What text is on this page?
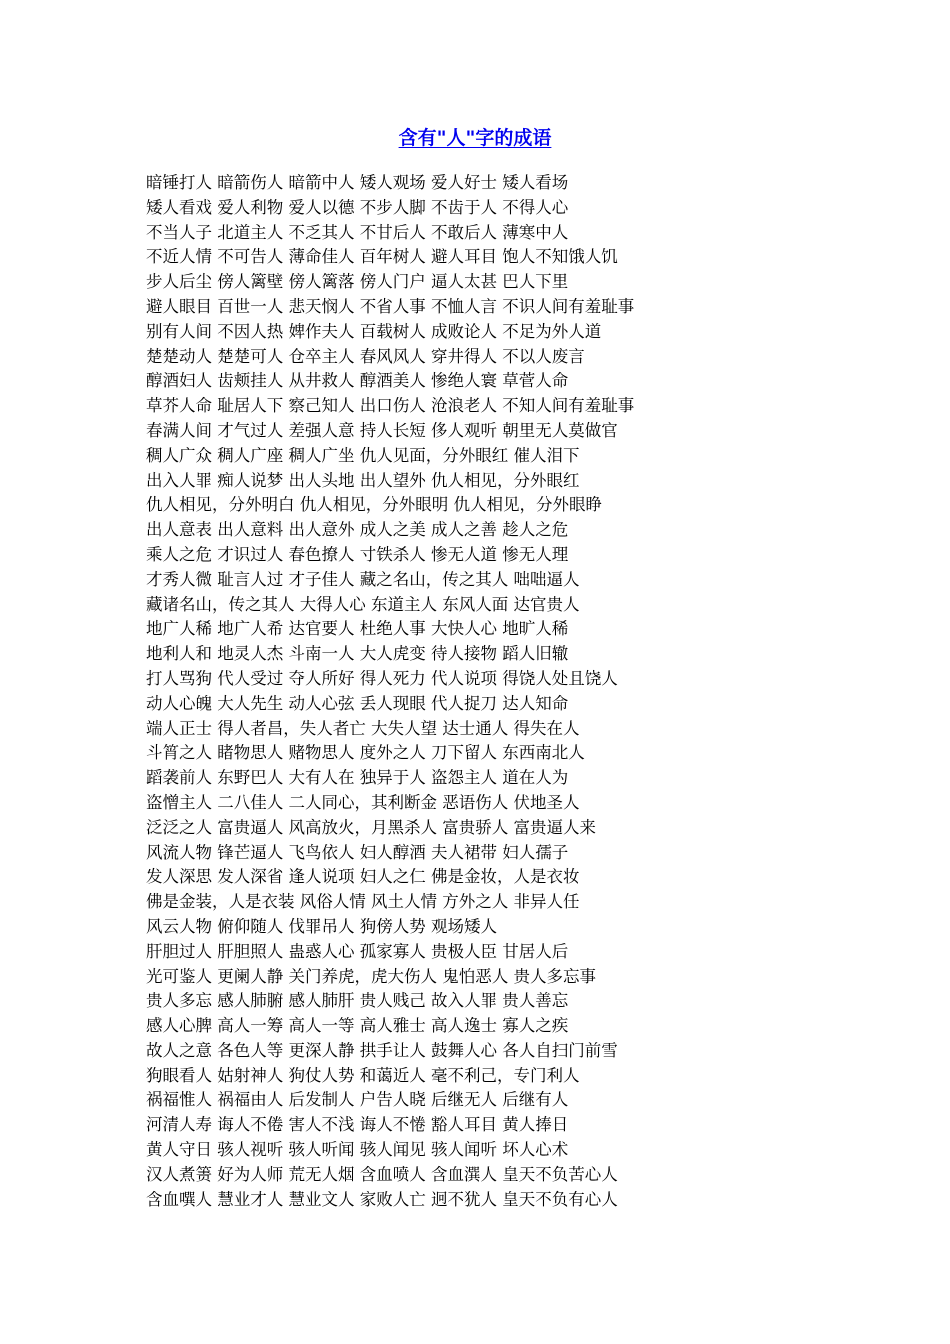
含有"人"字的成语
暗锤打人 暗箭伤人 暗箭中人 矮人观场 爱人好士 矮人看场
矮人看戏 爱人利物 爱人以德 不步人脚 不齿于人 不得人心
不当人子 北道主人 不乏其人 不甘后人 不敢后人 薄寒中人
不近人情 不可告人 薄命佳人 百年树人 避人耳目 饱人不知饿人饥
步人后尘 傍人篱壁 傍人篱落 傍人门户 逼人太甚 巴人下里
避人眼目 百世一人 悲天悯人 不省人事 不恤人言 不识人间有羞耻事
别有人间 不因人热 婢作夫人 百载树人 成败论人 不足为外人道
楚楚动人 楚楚可人 仓卒主人 春风风人 穿井得人 不以人废言
醇酒妇人 齿颊挂人 从井救人 醇酒美人 惨绝人寰 草菅人命
草芥人命 耻居人下 察己知人 出口伤人 沧浪老人 不知人间有羞耻事
春满人间 才气过人 差强人意 持人长短 侈人观听 朝里无人莫做官
稠人广众 稠人广座 稠人广坐 仇人见面，分外眼红 催人泪下
出入人罪 痴人说梦 出人头地 出人望外 仇人相见，分外眼红
仇人相见，分外明白 仇人相见，分外眼明 仇人相见，分外眼睁
出人意表 出人意料 出人意外 成人之美 成人之善 趁人之危
乘人之危 才识过人 春色撩人 寸铁杀人 惨无人道 惨无人理
才秀人微 耻言人过 才子佳人 藏之名山，传之其人 咄咄逼人
藏诸名山，传之其人 大得人心 东道主人 东风人面 达官贵人
地广人稀 地广人希 达官要人 杜绝人事 大快人心 地旷人稀
地利人和 地灵人杰 斗南一人 大人虎变 待人接物 蹈人旧辙
打人骂狗 代人受过 夺人所好 得人死力 代人说项 得饶人处且饶人
动人心魄 大人先生 动人心弦 丢人现眼 代人捉刀 达人知命
端人正士 得人者昌，失人者亡 大失人望 达士通人 得失在人
斗筲之人 睹物思人 赌物思人 度外之人 刀下留人 东西南北人
蹈袭前人 东野巴人 大有人在 独异于人 盗怨主人 道在人为
盗憎主人 二八佳人 二人同心，其利断金 恶语伤人 伏地圣人
泛泛之人 富贵逼人 风高放火，月黑杀人 富贵骄人 富贵逼人来
风流人物 锋芒逼人 飞鸟依人 妇人醇酒 夫人裙带 妇人孺子
发人深思 发人深省 逢人说项 妇人之仁 佛是金妆，人是衣妆
佛是金装，人是衣装 风俗人情 风土人情 方外之人 非异人任
风云人物 俯仰随人 伐罪吊人 狗傍人势 观场矮人
肝胆过人 肝胆照人 蛊惑人心 孤家寡人 贵极人臣 甘居人后
光可鉴人 更阑人静 关门养虎，虎大伤人 鬼怕恶人 贵人多忘事
贵人多忘 感人肺腑 感人肺肝 贵人贱己 故入人罪 贵人善忘
感人心脾 高人一筹 高人一等 高人雅士 高人逸士 寡人之疾
故人之意 各色人等 更深人静 拱手让人 鼓舞人心 各人自扫门前雪
狗眼看人 姑射神人 狗仗人势 和蔼近人 毫不利己，专门利人
祸福惟人 祸福由人 后发制人 户告人晓 后继无人 后继有人
河清人寿 诲人不倦 害人不浅 诲人不惓 豁人耳目 黄人捧日
黄人守日 骇人视听 骇人听闻 骇人闻见 骇人闻听 坏人心术
汉人煮箦 好为人师 荒无人烟 含血喷人 含血潠人 皇天不负苦心人
含血噀人 慧业才人 慧业文人 家败人亡 迥不犹人 皇天不负有心人
